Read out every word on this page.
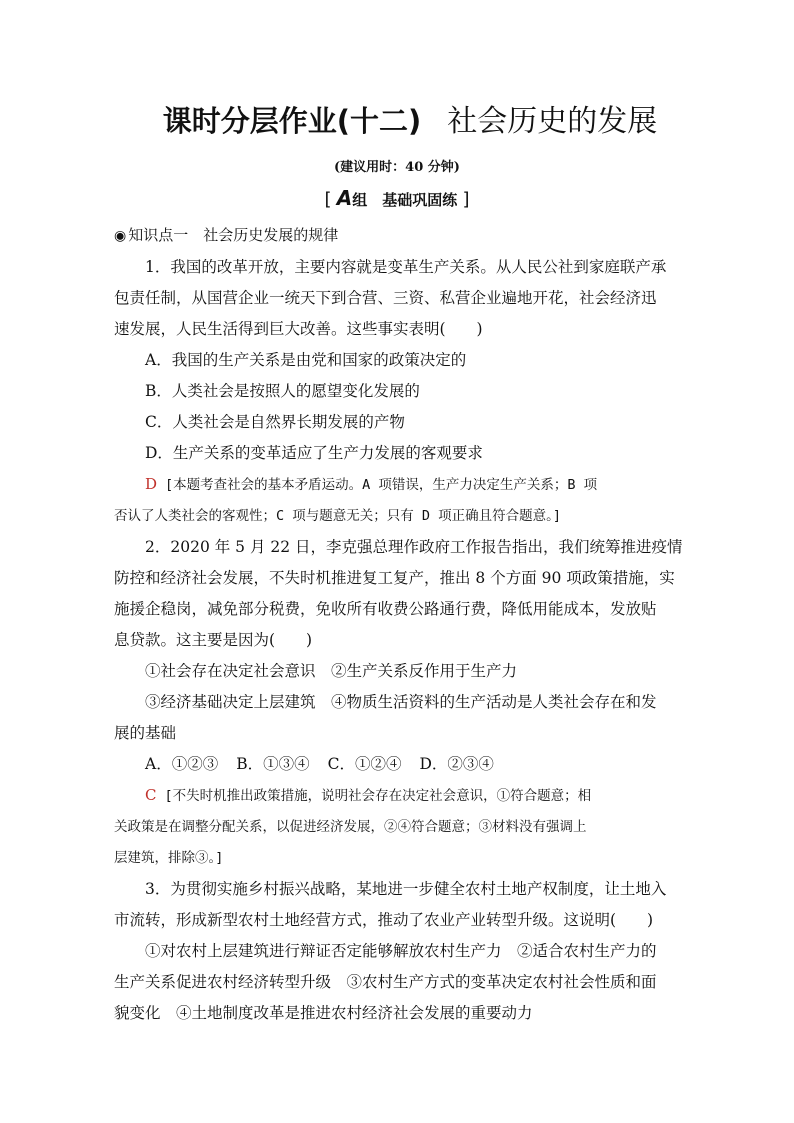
课时分层作业(十二) 社会历史的发展
(建议用时：40 分钟)
[ A组　基础巩固练 ]
◉ 知识点一　社会历史发展的规律
1．我国的改革开放，主要内容就是变革生产关系。从人民公社到家庭联产承
包责任制，从国营企业一统天下到合营、三资、私营企业遍地开花，社会经济迅
速发展，人民生活得到巨大改善。这些事实表明(　　)
A．我国的生产关系是由党和国家的政策决定的
B．人类社会是按照人的愿望变化发展的
C．人类社会是自然界长期发展的产物
D．生产关系的变革适应了生产力发展的客观要求
D [本题考查社会的基本矛盾运动。A 项错误，生产力决定生产关系；B 项
否认了人类社会的客观性；C 项与题意无关；只有 D 项正确且符合题意。]
2．2020 年 5 月 22 日，李克强总理作政府工作报告指出，我们统筹推进疫情
防控和经济社会发展，不失时机推进复工复产，推出 8 个方面 90 项政策措施，实
施援企稳岗，减免部分税费，免收所有收费公路通行费，降低用能成本，发放贴
息贷款。这主要是因为(　　)
①社会存在决定社会意识　②生产关系反作用于生产力
③经济基础决定上层建筑　④物质生活资料的生产活动是人类社会存在和发
展的基础
A．①②③ B．①③④ C．①②④ D．②③④
C [不失时机推出政策措施，说明社会存在决定社会意识，①符合题意；相
关政策是在调整分配关系，以促进经济发展，②④符合题意；③材料没有强调上
层建筑，排除③。]
3．为贯彻实施乡村振兴战略，某地进一步健全农村土地产权制度，让土地入
市流转，形成新型农村土地经营方式，推动了农业产业转型升级。这说明(　　)
①对农村上层建筑进行辩证否定能够解放农村生产力　②适合农村生产力的
生产关系促进农村经济转型升级　③农村生产方式的变革决定农村社会性质和面
貌变化　④土地制度改革是推进农村经济社会发展的重要动力
